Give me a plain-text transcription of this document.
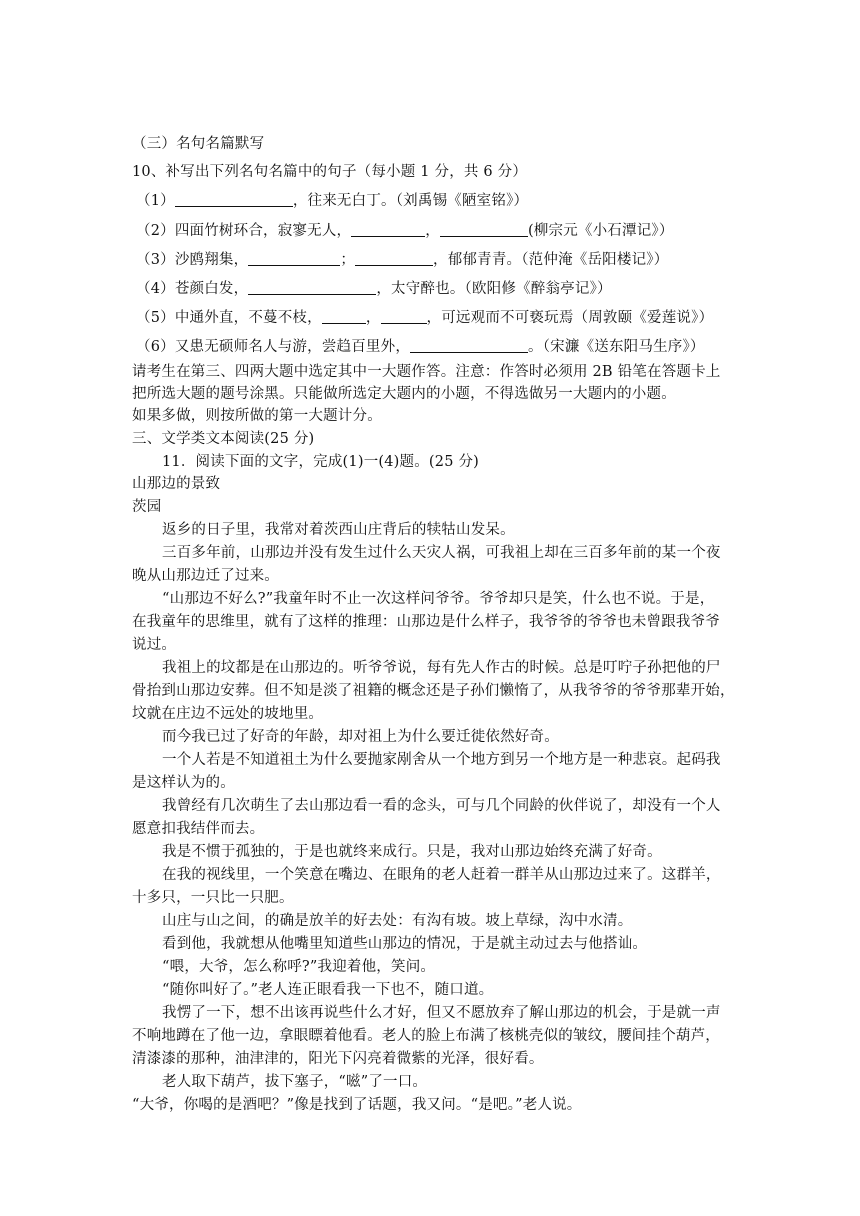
（三）名句名篇默写
10、补写出下列名句名篇中的句子（每小题 1 分，共 6 分）
（1）	，往来无白丁。（刘禹锡《陋室铭》）
（2）四面竹树环合，寂寥无人，	，	(柳宗元《小石潭记》）
（3）沙鸥翔集，	；	，郁郁青青。（范仲淹《岳阳楼记》）
（4）苍颜白发，	，太守醉也。（欧阳修《醉翁亭记》）
（5）中通外直，不蔓不枝，	，	，可远观而不可亵玩焉（周敦颐《爱莲说》）
（6）又患无硕师名人与游，尝趋百里外，	。（宋濂《送东阳马生序》）
请考生在第三、四两大题中选定其中一大题作答。注意：作答时必须用 2B 铅笔在答题卡上
把所选大题的题号涂黑。只能做所选定大题内的小题，不得选做另一大题内的小题。
如果多做，则按所做的第一大题计分。
三、文学类文本阅读(25 分)
11．阅读下面的文字，完成(1)一(4)题。(25 分)
山那边的景致
茨园
返乡的日子里，我常对着茨西山庄背后的犊牯山发呆。
三百多年前，山那边并没有发生过什么天灾人祸，可我祖上却在三百多年前的某一个夜
晚从山那边迁了过来。
“山那边不好么?”我童年时不止一次这样问爷爷。爷爷却只是笑，什么也不说。于是，
在我童年的思维里，就有了这样的推理：山那边是什么样子，我爷爷的爷爷也未曾跟我爷爷
说过。
我祖上的坟都是在山那边的。听爷爷说，每有先人作古的时候。总是叮咛子孙把他的尸
骨抬到山那边安葬。但不知是淡了祖籍的概念还是子孙们懒惰了，从我爷爷的爷爷那辈开始，
坟就在庄边不远处的坡地里。
而今我已过了好奇的年龄，却对祖上为什么要迁徙依然好奇。
一个人若是不知道祖土为什么要抛家剐舍从一个地方到另一个地方是一种悲哀。起码我
是这样认为的。
我曾经有几次萌生了去山那边看一看的念头，可与几个同龄的伙伴说了，却没有一个人
愿意扣我结伴而去。
我是不惯于孤独的，于是也就终来成行。只是，我对山那边始终充满了好奇。
在我的视线里，一个笑意在嘴边、在眼角的老人赶着一群羊从山那边过来了。这群羊，
十多只，一只比一只肥。
山庄与山之间，的确是放羊的好去处：有沟有坡。坡上草绿，沟中水清。
看到他，我就想从他嘴里知道些山那边的情况，于是就主动过去与他搭讪。
“喂，大爷，怎么称呼?”我迎着他，笑问。
“随你叫好了。”老人连正眼看我一下也不，随口道。
我愣了一下，想不出该再说些什么才好，但又不愿放弃了解山那边的机会，于是就一声
不响地蹲在了他一边，拿眼瞟着他看。老人的脸上布满了核桃壳似的皱纹，腰间挂个葫芦，
清漆漆的那种，油津津的，阳光下闪亮着微紫的光泽，很好看。
老人取下葫芦，拔下塞子，“嗞”了一口。
“大爷，你喝的是酒吧？”像是找到了话题，我又问。“是吧。”老人说。
